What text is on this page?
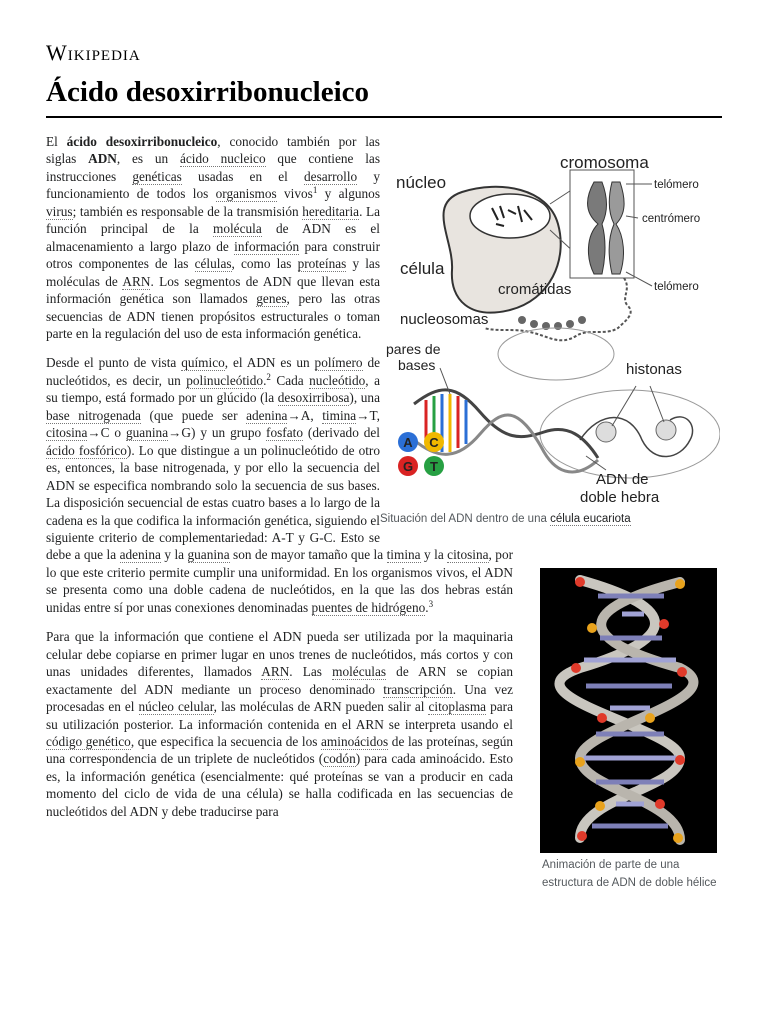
Wikipedia
Ácido desoxirribonucleico
A C
G T
núcleo
cromosoma
telómero
centrómero
célula
cromátidas	telómero
nucleosomas
pares de
bases	histonas
ADN de
doble hebra
Situación del ADN dentro de una célula eucariota
Animación de parte de una estructura de ADN de doble hélice

El ácido desoxirribonucleico, conocido también por las siglas ADN, es un ácido nucleico que contiene las instrucciones genéticas usadas en el desarrollo y funcionamiento de todos los organismos vivos$^1$ y algunos virus; también es responsable de la transmisión hereditaria. La función principal de la molécula de ADN es el almacenamiento a largo plazo de información para construir otros componentes de las células, como las proteínas y las moléculas de ARN. Los segmentos de ADN que llevan esta información genética son llamados genes, pero las otras secuencias de ADN tienen propósitos estructurales o toman parte en la regulación del uso de esta información genética.

Desde el punto de vista químico, el ADN es un polímero de nucleótidos, es decir, un polinucleótido.$^2$ Cada nucleótido, a su tiempo, está formado por un glúcido (la desoxirribosa), una base nitrogenada (que puede ser adenina→A, timina→T, citosina→C o guanina→G) y un grupo fosfato (derivado del ácido fosfórico). Lo que distingue a un polinucleótido de otro es, entonces, la base nitrogenada, y por ello la secuencia del ADN se especifica nombrando solo la secuencia de sus bases. La disposición secuencial de estas cuatro bases a lo largo de la cadena es la que codifica la información genética, siguiendo el siguiente criterio de complementariedad: A-T y G-C. Esto se debe a que la
adenina y la guanina son de mayor tamaño que la timina y la citosina, por lo que este criterio permite cumplir una uniformidad. En los organismos vivos, el ADN se presenta como una doble cadena de nucleótidos, en la que las dos hebras están unidas entre sí por unas conexiones denominadas puentes de hidrógeno.$^3$

Para que la información que contiene el ADN pueda ser utilizada por la maquinaria celular debe copiarse en primer lugar en unos trenes de nucleótidos, más cortos y con unas unidades diferentes, llamados ARN. Las moléculas de ARN se copian exactamente del ADN mediante un proceso denominado transcripción. Una vez procesadas en el núcleo celular, las moléculas de ARN pueden salir al citoplasma para su utilización posterior. La información contenida en el ARN se interpreta usando el código genético, que especifica la secuencia de los aminoácidos de las proteínas, según una correspondencia de un triplete de nucleótidos (codón) para cada aminoácido. Esto es, la información genética (esencialmente: qué proteínas se van a producir en cada momento del ciclo de vida de una célula) se halla codificada en las secuencias de nucleótidos del ADN y debe traducirse para
